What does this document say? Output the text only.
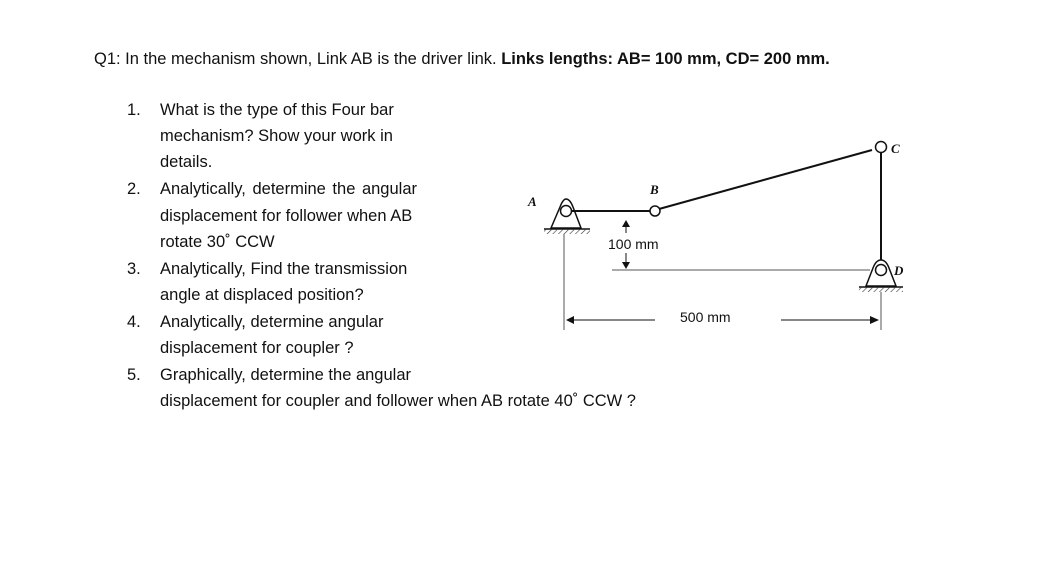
Q1: In the mechanism shown, Link AB is the driver link. Links lengths: AB= 100 mm, CD= 200 mm.
1.	What is the type of this Four bar
mechanism? Show your work in
details.
2.	Analytically, determine the angular
displacement for follower when AB
rotate 30˚ CCW
3.	Analytically, Find the transmission
angle at displaced position?
4.	Analytically, determine angular
displacement for coupler ?
5.	Graphically, determine the angular
displacement for coupler and follower when AB rotate 40˚ CCW ?
A
B
C
D
100 mm
500 mm
